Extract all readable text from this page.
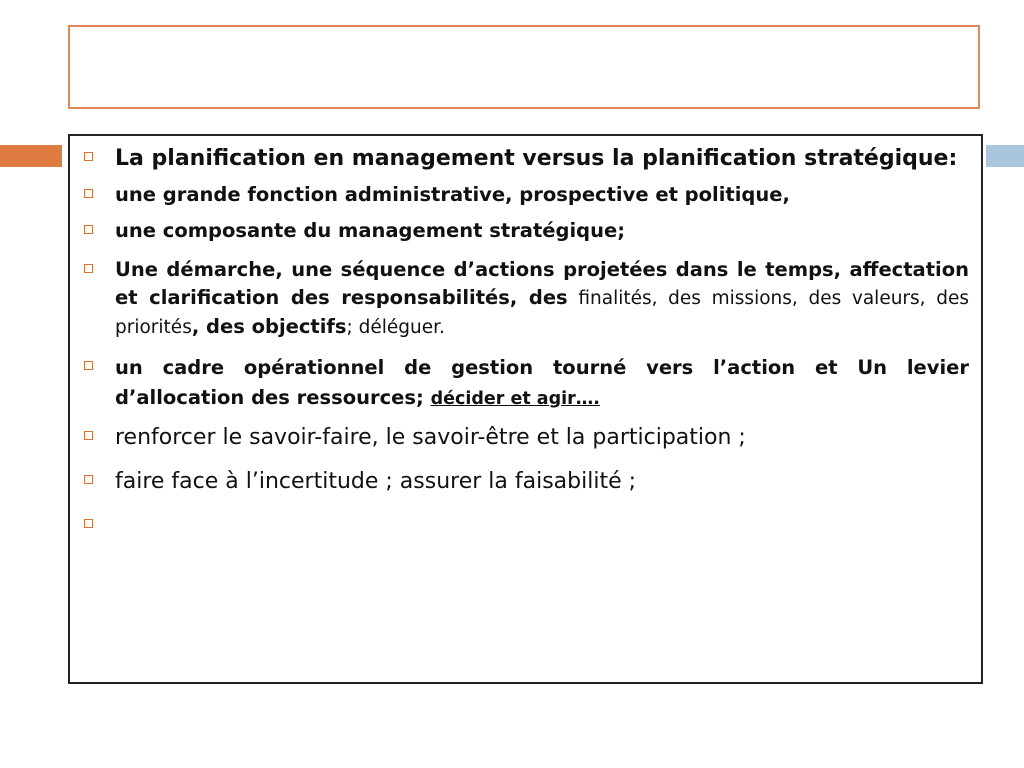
La planification en management versus la planification stratégique:
une grande fonction administrative, prospective et politique,
une composante du management stratégique;
Une démarche, une séquence d’actions projetées dans le temps, affectation et clarification des responsabilités, des finalités, des missions, des valeurs, des priorités, des objectifs; déléguer.
un cadre opérationnel de gestion tourné vers l’action et Un levier d’allocation des ressources; décider et agir….
renforcer le savoir-faire, le savoir-être et la participation ;
faire face à l’incertitude ; assurer la faisabilité ;
